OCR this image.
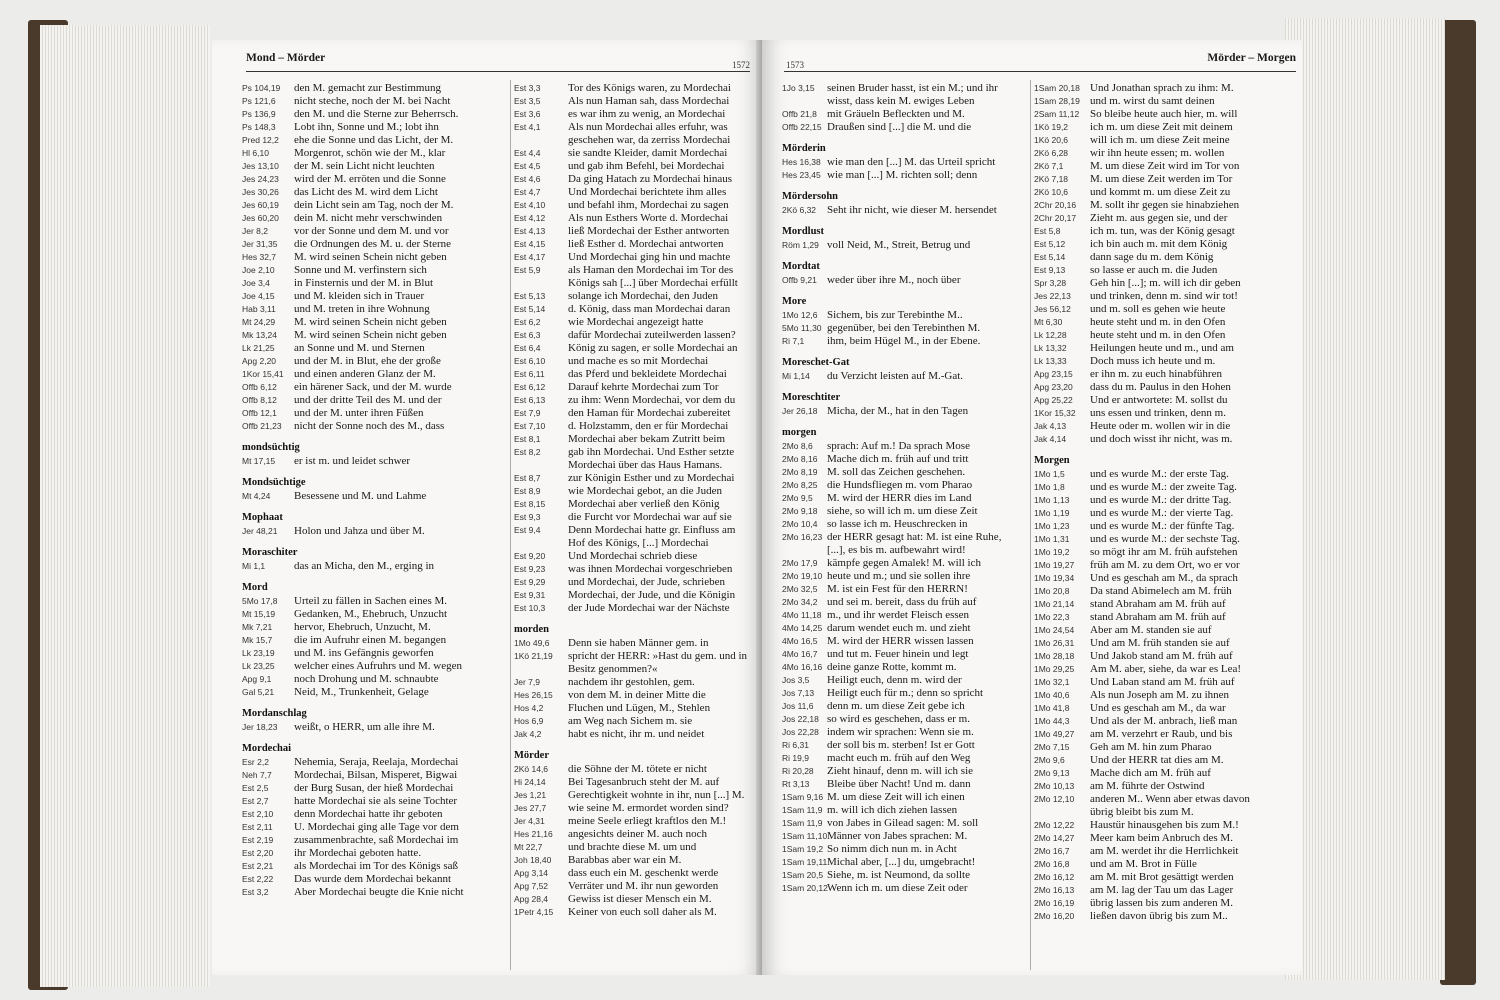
Mond – Mörder
1572
Ps 104,19	den M. gemacht zur Bestimmung
Ps 121,6	nicht steche, noch der M. bei Nacht
Ps 136,9	den M. und die Sterne zur Beherrsch.
Ps 148,3	Lobt ihn, Sonne und M.; lobt ihn
Pred 12,2	ehe die Sonne und das Licht, der M.
Hl 6,10	Morgenrot, schön wie der M., klar
Jes 13,10	der M. sein Licht nicht leuchten
Jes 24,23	wird der M. erröten und die Sonne
Jes 30,26	das Licht des M. wird dem Licht
Jes 60,19	dein Licht sein am Tag, noch der M.
Jes 60,20	dein M. nicht mehr verschwinden
Jer 8,2	vor der Sonne und dem M. und vor
Jer 31,35	die Ordnungen des M. u. der Sterne
Hes 32,7	M. wird seinen Schein nicht geben
Joe 2,10	Sonne und M. verfinstern sich
Joe 3,4	in Finsternis und der M. in Blut
Joe 4,15	und M. kleiden sich in Trauer
Hab 3,11	und M. treten in ihre Wohnung
Mt 24,29	M. wird seinen Schein nicht geben
Mk 13,24	M. wird seinen Schein nicht geben
Lk 21,25	an Sonne und M. und Sternen
Apg 2,20	und der M. in Blut, ehe der große
1Kor 15,41 und einen anderen Glanz der M.
Offb 6,12	ein härener Sack, und der M. wurde
Offb 8,12	und der dritte Teil des M. und der
Offb 12,1	und der M. unter ihren Füßen
Offb 21,23	nicht der Sonne noch des M., dass
mondsüchtig
Mt 17,15	er ist m. und leidet schwer
Mondsüchtige
Mt 4,24	Besessene und M. und Lahme
Mophaat
Jer 48,21	Holon und Jahza und über M.
Moraschiter
Mi 1,1	das an Micha, den M., erging in
Mord
5Mo 17,8	Urteil zu fällen in Sachen eines M.
Mt 15,19	Gedanken, M., Ehebruch, Unzucht
Mk 7,21	hervor, Ehebruch, Unzucht, M.
Mk 15,7	die im Aufruhr einen M. begangen
Lk 23,19	und M. ins Gefängnis geworfen
Lk 23,25	welcher eines Aufruhrs und M. wegen
Apg 9,1	noch Drohung und M. schnaubte
Gal 5,21	Neid, M., Trunkenheit, Gelage
Mordanschlag
Jer 18,23	weißt, o HERR, um alle ihre M.
Mordechai
Esr 2,2	Nehemia, Seraja, Reelaja, Mordechai
Neh 7,7	Mordechai, Bilsan, Misperet, Bigwai
Est 2,5	der Burg Susan, der hieß Mordechai
Est 2,7	hatte Mordechai sie als seine Tochter
Est 2,10	denn Mordechai hatte ihr geboten
Est 2,11	U. Mordechai ging alle Tage vor dem
Est 2,19	zusammenbrachte, saß Mordechai im
Est 2,20	ihr Mordechai geboten hatte.
Est 2,21	als Mordechai im Tor des Königs saß
Est 2,22	Das wurde dem Mordechai bekannt
Est 3,2	Aber Mordechai beugte die Knie nicht
Est 3,3	Tor des Königs waren, zu Mordechai
Est 3,5	Als nun Haman sah, dass Mordechai
Est 3,6	es war ihm zu wenig, an Mordechai
Est 4,1	Als nun Mordechai alles erfuhr, was
geschehen war, da zerriss Mordechai
Est 4,4	sie sandte Kleider, damit Mordechai
Est 4,5	und gab ihm Befehl, bei Mordechai
Est 4,6	Da ging Hatach zu Mordechai hinaus
Est 4,7	Und Mordechai berichtete ihm alles
Est 4,10	und befahl ihm, Mordechai zu sagen
Est 4,12	Als nun Esthers Worte d. Mordechai
Est 4,13	ließ Mordechai der Esther antworten
Est 4,15	ließ Esther d. Mordechai antworten
Est 4,17	Und Mordechai ging hin und machte
Est 5,9	als Haman den Mordechai im Tor des
Königs sah [...] über Mordechai erfüllt
Est 5,13	solange ich Mordechai, den Juden
Est 5,14	d. König, dass man Mordechai daran
Est 6,2	wie Mordechai angezeigt hatte
Est 6,3	dafür Mordechai zuteilwerden lassen?
Est 6,4	König zu sagen, er solle Mordechai an
Est 6,10	und mache es so mit Mordechai
Est 6,11	das Pferd und bekleidete Mordechai
Est 6,12	Darauf kehrte Mordechai zum Tor
Est 6,13	zu ihm: Wenn Mordechai, vor dem du
Est 7,9	den Haman für Mordechai zubereitet
Est 7,10	d. Holzstamm, den er für Mordechai
Est 8,1	Mordechai aber bekam Zutritt beim
Est 8,2	gab ihn Mordechai. Und Esther setzte
Mordechai über das Haus Hamans.
Est 8,7	zur Königin Esther und zu Mordechai
Est 8,9	wie Mordechai gebot, an die Juden
Est 8,15	Mordechai aber verließ den König
Est 9,3	die Furcht vor Mordechai war auf sie
Est 9,4	Denn Mordechai hatte gr. Einfluss am
Hof des Königs, [...] Mordechai
Est 9,20	Und Mordechai schrieb diese
Est 9,23	was ihnen Mordechai vorgeschrieben
Est 9,29	und Mordechai, der Jude, schrieben
Est 9,31	Mordechai, der Jude, und die Königin
Est 10,3	der Jude Mordechai war der Nächste
morden
1Mo 49,6	Denn sie haben Männer gem. in
1Kö 21,19	spricht der HERR: »Hast du gem. und in
Besitz genommen?«
Jer 7,9	nachdem ihr gestohlen, gem.
Hes 26,15	von dem M. in deiner Mitte die
Hos 4,2	Fluchen und Lügen, M., Stehlen
Hos 6,9	am Weg nach Sichem m. sie
Jak 4,2	habt es nicht, ihr m. und neidet
Mörder
2Kö 14,6	die Söhne der M. tötete er nicht
Hi 24,14	Bei Tagesanbruch steht der M. auf
Jes 1,21	Gerechtigkeit wohnte in ihr, nun [...] M.
Jes 27,7	wie seine M. ermordet worden sind?
Jer 4,31	meine Seele erliegt kraftlos den M.!
Hes 21,16	angesichts deiner M. auch noch
Mt 22,7	und brachte diese M. um und
Joh 18,40	Barabbas aber war ein M.
Apg 3,14	dass euch ein M. geschenkt werde
Apg 7,52	Verräter und M. ihr nun geworden
Apg 28,4	Gewiss ist dieser Mensch ein M.
1Petr 4,15	Keiner von euch soll daher als M.
1573
Mörder – Morgen
1Jo 3,15	seinen Bruder hasst, ist ein M.; und ihr
wisst, dass kein M. ewiges Leben
Offb 21,8 mit Gräueln Befleckten und M.
Offb 22,15 Draußen sind [...] die M. und die
Mörderin
Hes 16,38 wie man den [...] M. das Urteil spricht
Hes 23,45 wie man [...] M. richten soll; denn
Mördersohn
2Kö 6,32 Seht ihr nicht, wie dieser M. hersendet
Mordlust
Röm 1,29 voll Neid, M., Streit, Betrug und
Mordtat
Offb 9,21 weder über ihre M., noch über
More
1Mo 12,6 Sichem, bis zur Terebinthe M..
5Mo 11,30 gegenüber, bei den Terebinthen M.
Ri 7,1	ihm, beim Hügel M., in der Ebene.
Moreschet-Gat
Mi 1,14	du Verzicht leisten auf M.-Gat.
Moreschtiter
Jer 26,18 Micha, der M., hat in den Tagen
morgen
2Mo 8,6	sprach: Auf m.! Da sprach Mose
2Mo 8,16 Mache dich m. früh auf und tritt
2Mo 8,19 M. soll das Zeichen geschehen.
2Mo 8,25 die Hundsfliegen m. vom Pharao
2Mo 9,5	M. wird der HERR dies im Land
2Mo 9,18 siehe, so will ich m. um diese Zeit
2Mo 10,4 so lasse ich m. Heuschrecken in
2Mo 16,23 der HERR gesagt hat: M. ist eine Ruhe,
[...], es bis m. aufbewahrt wird!
2Mo 17,9 kämpfe gegen Amalek! M. will ich
2Mo 19,10 heute und m.; und sie sollen ihre
2Mo 32,5 M. ist ein Fest für den HERRN!
2Mo 34,2 und sei m. bereit, dass du früh auf
4Mo 11,18 m., und ihr werdet Fleisch essen
4Mo 14,25 darum wendet euch m. und zieht
4Mo 16,5 M. wird der HERR wissen lassen
4Mo 16,7 und tut m. Feuer hinein und legt
4Mo 16,16 deine ganze Rotte, kommt m.
Jos 3,5	Heiligt euch, denn m. wird der
Jos 7,13	Heiligt euch für m.; denn so spricht
Jos 11,6	denn m. um diese Zeit gebe ich
Jos 22,18 so wird es geschehen, dass er m.
Jos 22,28 indem wir sprachen: Wenn sie m.
Ri 6,31	der soll bis m. sterben! Ist er Gott
Ri 19,9	macht euch m. früh auf den Weg
Ri 20,28	Zieht hinauf, denn m. will ich sie
Rt 3,13	Bleibe über Nacht! Und m. dann
1Sam 9,16 M. um diese Zeit will ich einen
1Sam 11,9 m. will ich dich ziehen lassen
1Sam 11,9 von Jabes in Gilead sagen: M. soll
1Sam 11,10 Männer von Jabes sprachen: M.
1Sam 19,2 So nimm dich nun m. in Acht
1Sam 19,11 Michal aber, [...] du, umgebracht!
1Sam 20,5 Siehe, m. ist Neumond, da sollte
1Sam 20,12 Wenn ich m. um diese Zeit oder
1Sam 20,18 Und Jonathan sprach zu ihm: M.
1Sam 28,19 und m. wirst du samt deinen
2Sam 11,12 So bleibe heute auch hier, m. will
1Kö 19,2	ich m. um diese Zeit mit deinem
1Kö 20,6	will ich m. um diese Zeit meine
2Kö 6,28	wir ihn heute essen; m. wollen
2Kö 7,1	M. um diese Zeit wird im Tor von
2Kö 7,18	M. um diese Zeit werden im Tor
2Kö 10,6	und kommt m. um diese Zeit zu
2Chr 20,16	M. sollt ihr gegen sie hinabziehen
2Chr 20,17	Zieht m. aus gegen sie, und der
Est 5,8	ich m. tun, was der König gesagt
Est 5,12	ich bin auch m. mit dem König
Est 5,14	dann sage du m. dem König
Est 9,13	so lasse er auch m. die Juden
Spr 3,28	Geh hin [...]; m. will ich dir geben
Jes 22,13	und trinken, denn m. sind wir tot!
Jes 56,12	und m. soll es gehen wie heute
Mt 6,30	heute steht und m. in den Ofen
Lk 12,28	heute steht und m. in den Ofen
Lk 13,32	Heilungen heute und m., und am
Lk 13,33	Doch muss ich heute und m.
Apg 23,15	er ihn m. zu euch hinabführen
Apg 23,20	dass du m. Paulus in den Hohen
Apg 25,22	Und er antwortete: M. sollst du
1Kor 15,32	uns essen und trinken, denn m.
Jak 4,13	Heute oder m. wollen wir in die
Jak 4,14	und doch wisst ihr nicht, was m.
Morgen
1Mo 1,5	und es wurde M.: der erste Tag.
1Mo 1,8	und es wurde M.: der zweite Tag.
1Mo 1,13	und es wurde M.: der dritte Tag.
1Mo 1,19	und es wurde M.: der vierte Tag.
1Mo 1,23	und es wurde M.: der fünfte Tag.
1Mo 1,31	und es wurde M.: der sechste Tag.
1Mo 19,2	so mögt ihr am M. früh aufstehen
1Mo 19,27	früh am M. zu dem Ort, wo er vor
1Mo 19,34	Und es geschah am M., da sprach
1Mo 20,8	Da stand Abimelech am M. früh
1Mo 21,14	stand Abraham am M. früh auf
1Mo 22,3	stand Abraham am M. früh auf
1Mo 24,54	Aber am M. standen sie auf
1Mo 26,31	Und am M. früh standen sie auf
1Mo 28,18	Und Jakob stand am M. früh auf
1Mo 29,25	Am M. aber, siehe, da war es Lea!
1Mo 32,1	Und Laban stand am M. früh auf
1Mo 40,6	Als nun Joseph am M. zu ihnen
1Mo 41,8	Und es geschah am M., da war
1Mo 44,3	Und als der M. anbrach, ließ man
1Mo 49,27	am M. verzehrt er Raub, und bis
2Mo 7,15	Geh am M. hin zum Pharao
2Mo 9,6	Und der HERR tat dies am M.
2Mo 9,13	Mache dich am M. früh auf
2Mo 10,13	am M. führte der Ostwind
2Mo 12,10	anderen M.. Wenn aber etwas davon
übrig bleibt bis zum M.
2Mo 12,22	Haustür hinausgehen bis zum M.!
2Mo 14,27	Meer kam beim Anbruch des M.
2Mo 16,7	am M. werdet ihr die Herrlichkeit
2Mo 16,8	und am M. Brot in Fülle
2Mo 16,12	am M. mit Brot gesättigt werden
2Mo 16,13	am M. lag der Tau um das Lager
2Mo 16,19	übrig lassen bis zum anderen M.
2Mo 16,20	ließen davon übrig bis zum M..
